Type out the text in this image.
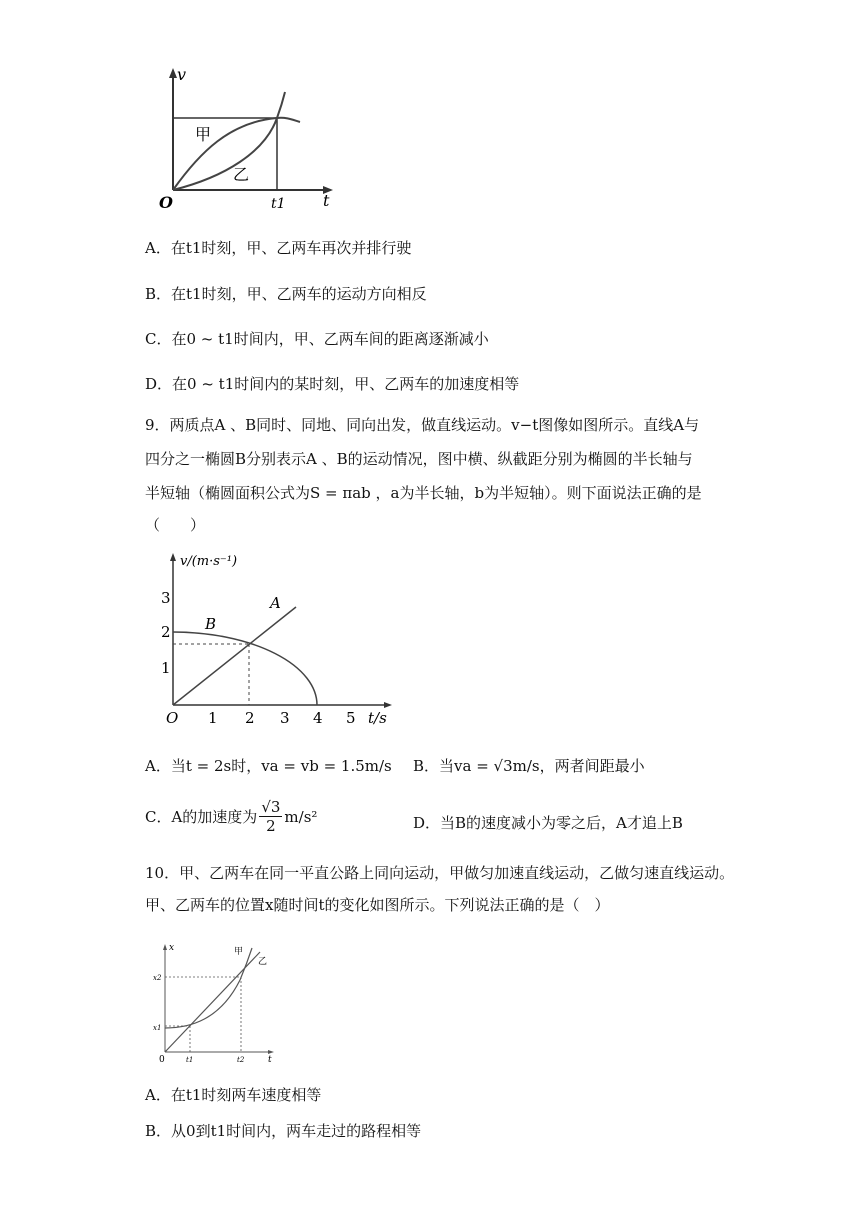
v
t
O	t1
甲
乙
A．在t1时刻，甲、乙两车再次并排行驶
B．在t1时刻，甲、乙两车的运动方向相反
C．在0 ~ t1时间内，甲、乙两车间的距离逐渐减小
D．在0 ~ t1时间内的某时刻，甲、乙两车的加速度相等
9．两质点A 、B同时、同地、同向出发，做直线运动。v−t图像如图所示。直线A与
四分之一椭圆B分别表示A 、B的运动情况，图中横、纵截距分别为椭圆的半长轴与
半短轴（椭圆面积公式为S = πab ，a为半长轴，b为半短轴）。则下面说法正确的是
（　　）
3
2
1
1 2 3 4 5
O	t/s
v/(m·s⁻¹)
A
B
A．当t = 2s时，va = vb = 1.5m/s B．当va = √3m/s，两者间距最小
C．A的加速度为 $\frac{√3}{2} m/s^2$	D．当B的速度减小为零之后，A才追上B
10．甲、乙两车在同一平直公路上同向运动，甲做匀加速直线运动，乙做匀速直线运动。
甲、乙两车的位置x随时间t的变化如图所示。下列说法正确的是（　）
x
t
0
x1
x2
t1	t2
甲
乙
A．在t1时刻两车速度相等
B．从0到t1时间内，两车走过的路程相等
